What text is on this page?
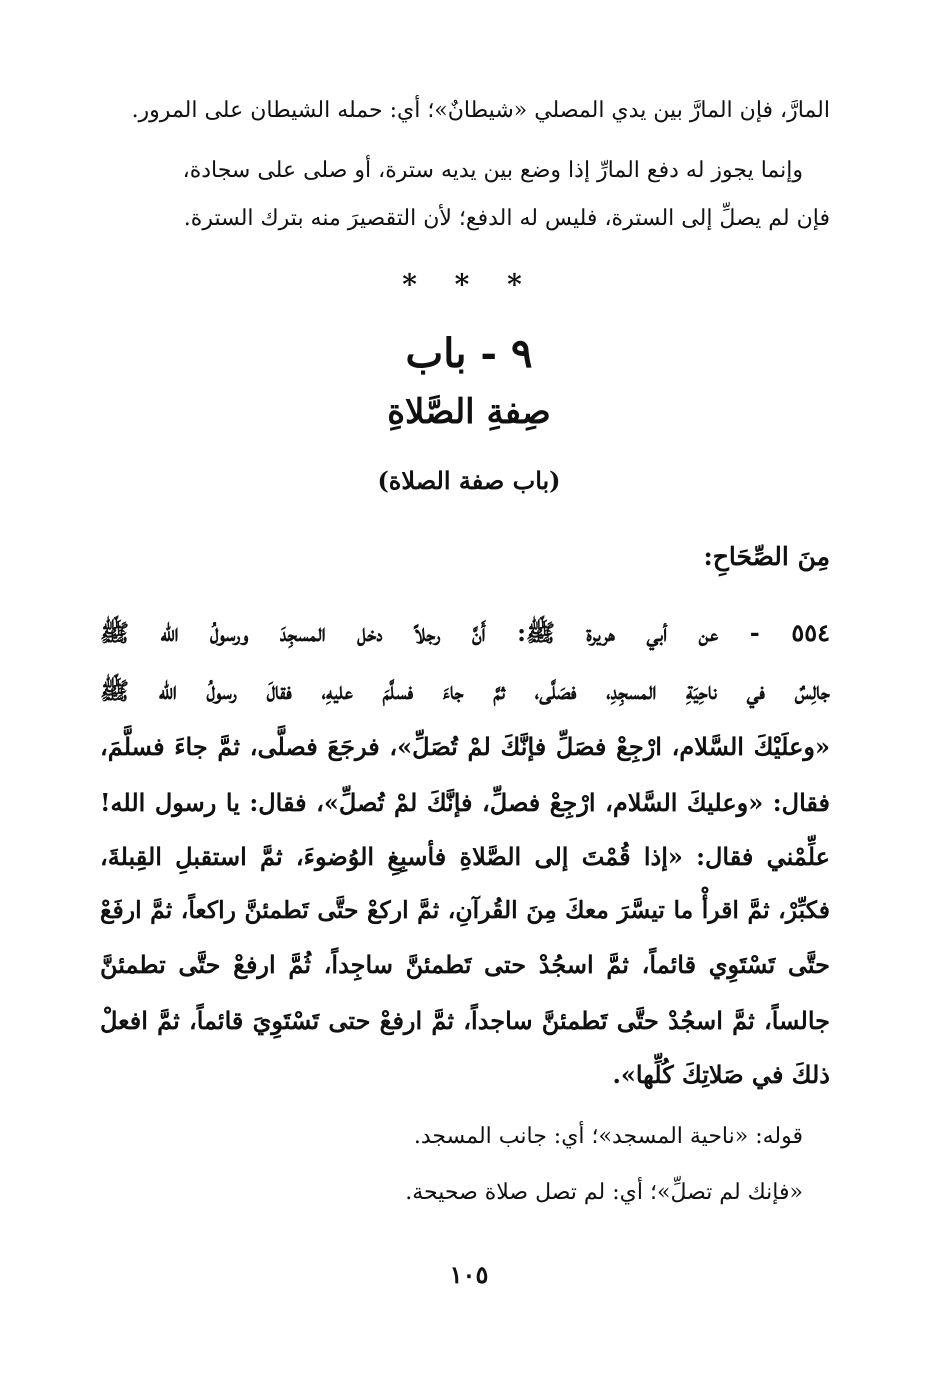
المارَّ، فإن المارَّ بين يدي المصلي «شيطانٌ»؛ أي: حمله الشيطان على المرور.
وإنما يجوز له دفع المارِّ إذا وضع بين يديه سترة، أو صلى على سجادة،
فإن لم يصلِّ إلى السترة، فليس له الدفع؛ لأن التقصيرَ منه بترك السترة.
* * *
٩ - باب
صِفةِ الصَّلاةِ
(باب صفة الصلاة)
مِنَ الصِّحَاحِ:
٥٥٤ - عن أبي هريرة ﷺ: أَنَّ رجلاً دخل المسجِدَ ورسولُ الله ﷺ
جالِسٌ في ناحِيَةِ المسجِدِ، فصَلَّى، ثمَّ جاءَ فسلَّمَ عليهِ، فقالَ رسولُ الله ﷺ
«وعلَيْكَ السَّلام، ارْجِعْ فصَلِّ فإنَّكَ لمْ تُصَلِّ»، فرجَعَ فصلَّى، ثمَّ جاءَ فسلَّمَ،
فقال: «وعليكَ السَّلام، ارْجِعْ فصلِّ، فإنَّكَ لمْ تُصلِّ»، فقال: يا رسول الله!
علِّمْني فقال: «إذا قُمْتَ إلى الصَّلاةِ فأسبِغِ الوُضوءَ، ثمَّ استقبلِ القِبلةَ،
فكبِّرْ، ثمَّ اقرأْ ما تيسَّرَ معكَ مِنَ القُرآنِ، ثمَّ اركعْ حتَّى تَطمئنَّ راكعاً، ثمَّ ارفَعْ
حتَّى تَسْتَوِي قائماً، ثمَّ اسجُدْ حتى تَطمئنَّ ساجِداً، ثُمَّ ارفعْ حتَّى تطمئنَّ
جالساً، ثمَّ اسجُدْ حتَّى تَطمئنَّ ساجداً، ثمَّ ارفعْ حتى تَسْتَوِيَ قائماً، ثمَّ افعلْ
ذلكَ في صَلاتِكَ كُلِّها».
قوله: «ناحية المسجد»؛ أي: جانب المسجد.
«فإنك لم تصلِّ»؛ أي: لم تصل صلاة صحيحة.
١٠٥
